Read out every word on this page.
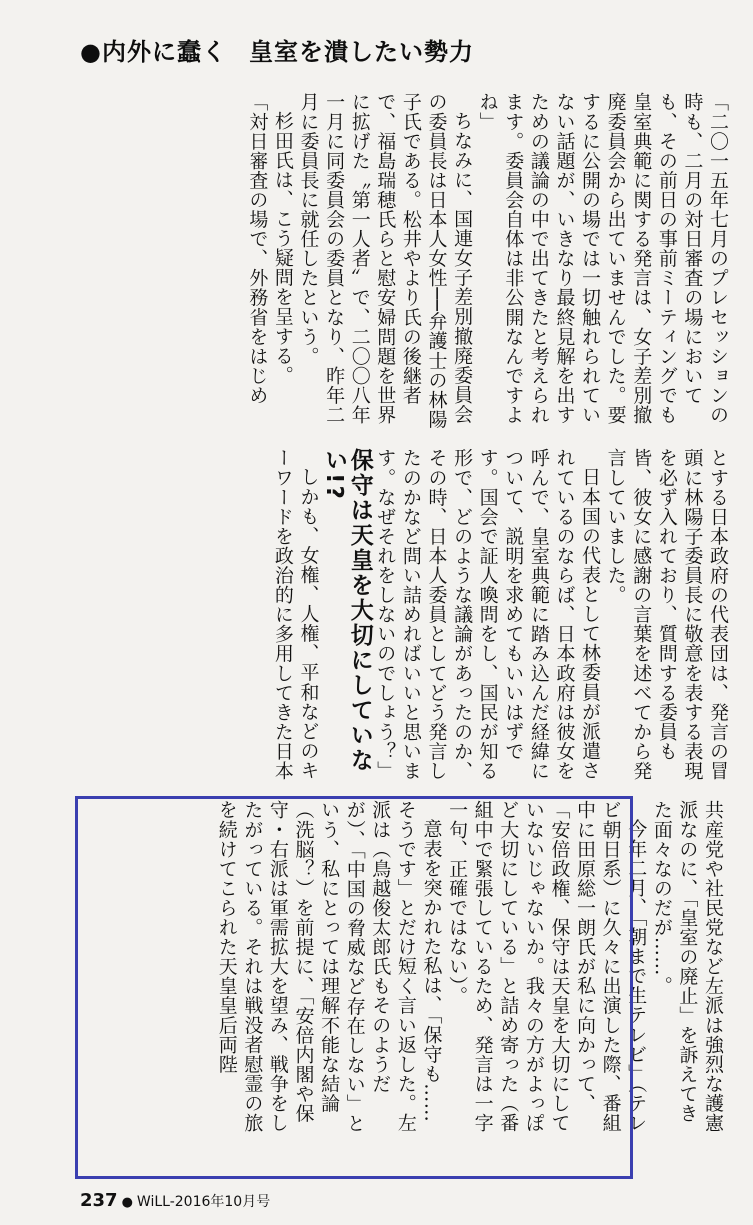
●内外に蠢く 皇室を潰したい勢力

「二〇一五年七月のプレセッションの時も、二月の対日審査の場においても、その前日の事前ミーティングでも皇室典範に関する発言は、女子差別撤廃委員会から出ていませんでした。要するに公開の場では一切触れられていない話題が、いきなり最終見解を出すための議論の中で出てきたと考えられます。委員会自体は非公開なんですよね」

ちなみに、国連女子差別撤廃委員会の委員長は日本人女性──弁護士の林陽子氏である。松井やより氏の後継者で、福島瑞穂氏らと慰安婦問題を世界に拡げた〝第一人者〟で、二〇〇八年一月に同委員会の委員となり、昨年二月に委員長に就任したという。

杉田氏は、こう疑問を呈する。

「対日審査の場で、外務省をはじめ

とする日本政府の代表団は、発言の冒頭に林陽子委員長に敬意を表する表現を必ず入れており、質問する委員も皆、彼女に感謝の言葉を述べてから発言していました。

日本国の代表として林委員が派遣されているのならば、日本政府は彼女を呼んで、皇室典範に踏み込んだ経緯について、説明を求めてもいいはずです。国会で証人喚問をし、国民が知る形で、どのような議論があったのか、その時、日本人委員としてどう発言したのかなど問い詰めればいいと思います。なぜそれをしないのでしょう？」

保守は天皇を大切にしていない!?

しかも、女権、人権、平和などのキーワードを政治的に多用してきた日本

共産党や社民党など左派は強烈な護憲派なのに、「皇室の廃止」を訴えてきた面々なのだが……。

今年二月、「朝まで生テレビ」（テレビ朝日系）に久々に出演した際、番組中に田原総一朗氏が私に向かって、「安倍政権、保守は天皇を大切にしていないじゃないか。我々の方がよっぽど大切にしている」と詰め寄った（番組中で緊張しているため、発言は一字一句、正確ではない）。

意表を突かれた私は、「保守も……そうです」とだけ短く言い返した。左派は（鳥越俊太郎氏もそのようだが）、「中国の脅威など存在しない」という、私にとっては理解不能な結論（洗脳？）を前提に、「安倍内閣や保守・右派は軍需拡大を望み、戦争をしたがっている。それは戦没者慰霊の旅を続けてこられた天皇皇后両陛

237 ● WiLL-2016年10月号
